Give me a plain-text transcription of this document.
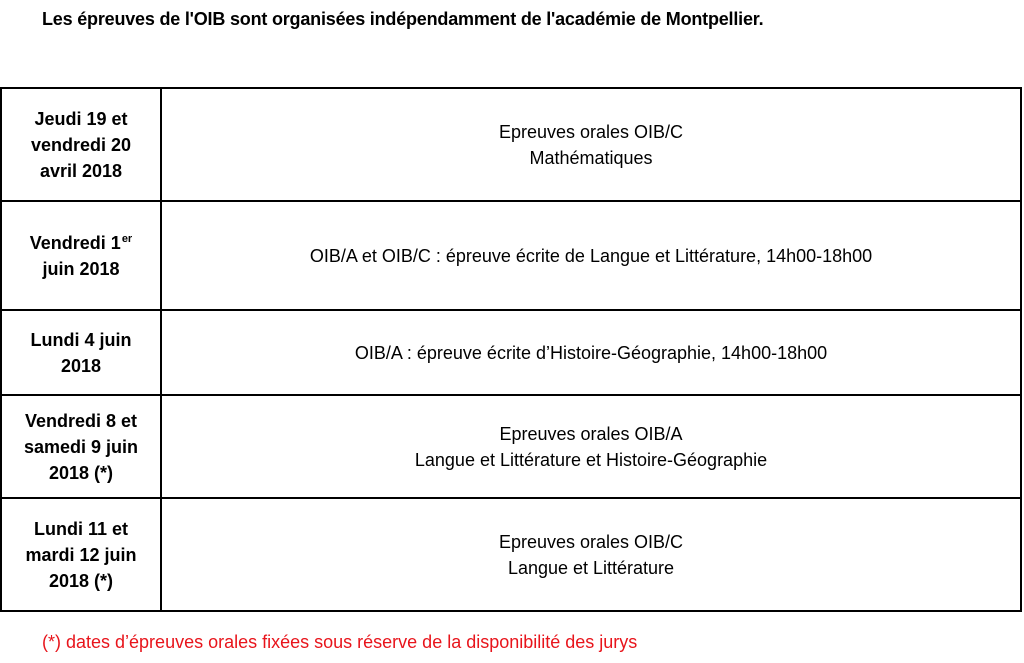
Les épreuves de l'OIB sont organisées indépendamment de l'académie de Montpellier.
Jeudi 19 et
vendredi 20
avril 2018	Epreuves orales OIB/C
Mathématiques

Vendredi 1er
juin 2018	OIB/A et OIB/C : épreuve écrite de Langue et Littérature, 14h00-18h00

Lundi 4 juin
2018	OIB/A : épreuve écrite d’Histoire-Géographie, 14h00-18h00

Vendredi 8 et
samedi 9 juin
2018 (*)	Epreuves orales OIB/A
Langue et Littérature et Histoire-Géographie

Lundi 11 et
mardi 12 juin
2018 (*)	Epreuves orales OIB/C
Langue et Littérature
(*) dates d’épreuves orales fixées sous réserve de la disponibilité des jurys
